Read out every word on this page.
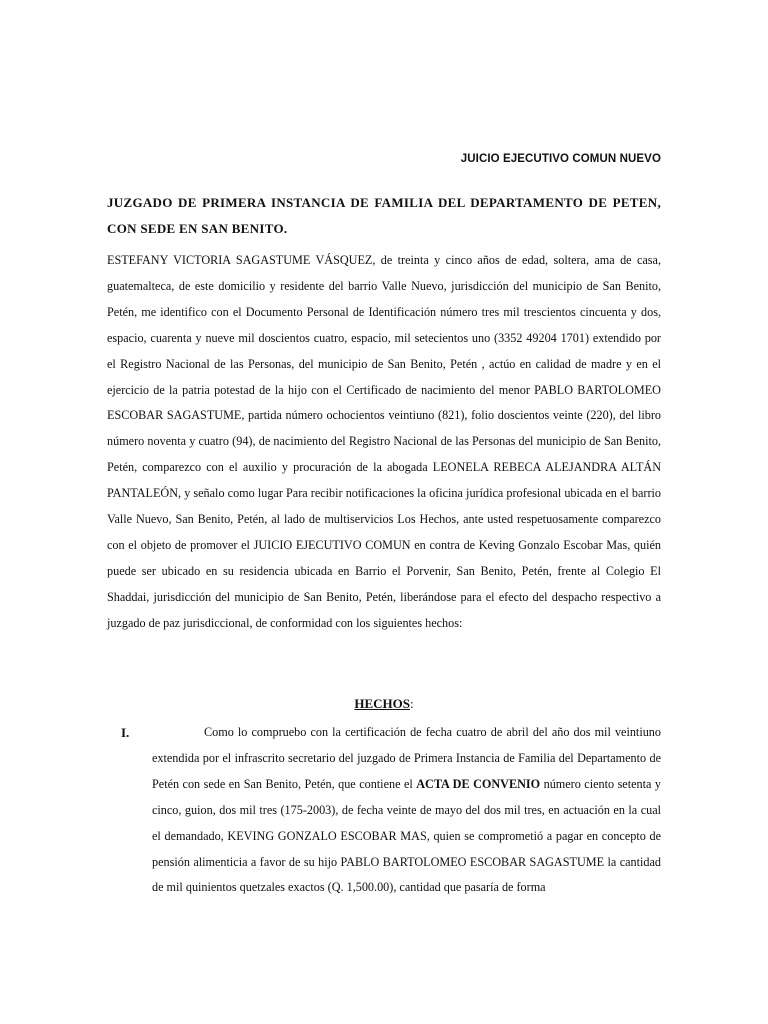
JUICIO EJECUTIVO COMUN NUEVO
JUZGADO DE PRIMERA INSTANCIA DE FAMILIA DEL DEPARTAMENTO DE PETEN, CON SEDE EN SAN BENITO.
ESTEFANY VICTORIA SAGASTUME VÁSQUEZ, de treinta y cinco años de edad, soltera, ama de casa, guatemalteca, de este domicilio y residente del barrio Valle Nuevo, jurisdicción del municipio de San Benito, Petén, me identifico con el Documento Personal de Identificación número tres mil trescientos cincuenta y dos, espacio, cuarenta y nueve mil doscientos cuatro, espacio, mil setecientos uno (3352 49204 1701) extendido por el Registro Nacional de las Personas, del municipio de San Benito, Petén , actúo en calidad de madre y en el ejercicio de la patria potestad de la hijo con el Certificado de nacimiento del menor PABLO BARTOLOMEO ESCOBAR SAGASTUME, partida número ochocientos veintiuno (821), folio doscientos veinte (220), del libro número noventa y cuatro (94), de nacimiento del Registro Nacional de las Personas del municipio de San Benito, Petén, comparezco con el auxilio y procuración de la abogada LEONELA REBECA ALEJANDRA ALTÁN PANTALEÓN, y señalo como lugar Para recibir notificaciones la oficina jurídica profesional ubicada en el barrio Valle Nuevo, San Benito, Petén, al lado de multiservicios Los Hechos, ante usted respetuosamente comparezco con el objeto de promover el JUICIO EJECUTIVO COMUN en contra de Keving Gonzalo Escobar Mas, quién puede ser ubicado en su residencia ubicada en Barrio el Porvenir, San Benito, Petén, frente al Colegio El Shaddai, jurisdicción del municipio de San Benito, Petén, liberándose para el efecto del despacho respectivo a juzgado de paz jurisdiccional, de conformidad con los siguientes hechos:
HECHOS:
I.	Como lo compruebo con la certificación de fecha cuatro de abril del año dos mil veintiuno extendida por el infrascrito secretario del juzgado de Primera Instancia de Familia del Departamento de Petén con sede en San Benito, Petén, que contiene el ACTA DE CONVENIO número ciento setenta y cinco, guion, dos mil tres (175-2003), de fecha veinte de mayo del dos mil tres, en actuación en la cual el demandado, KEVING GONZALO ESCOBAR MAS, quien se comprometió a pagar en concepto de pensión alimenticia a favor de su hijo PABLO BARTOLOMEO ESCOBAR SAGASTUME la cantidad de mil quinientos quetzales exactos (Q. 1,500.00), cantidad que pasaría de forma
